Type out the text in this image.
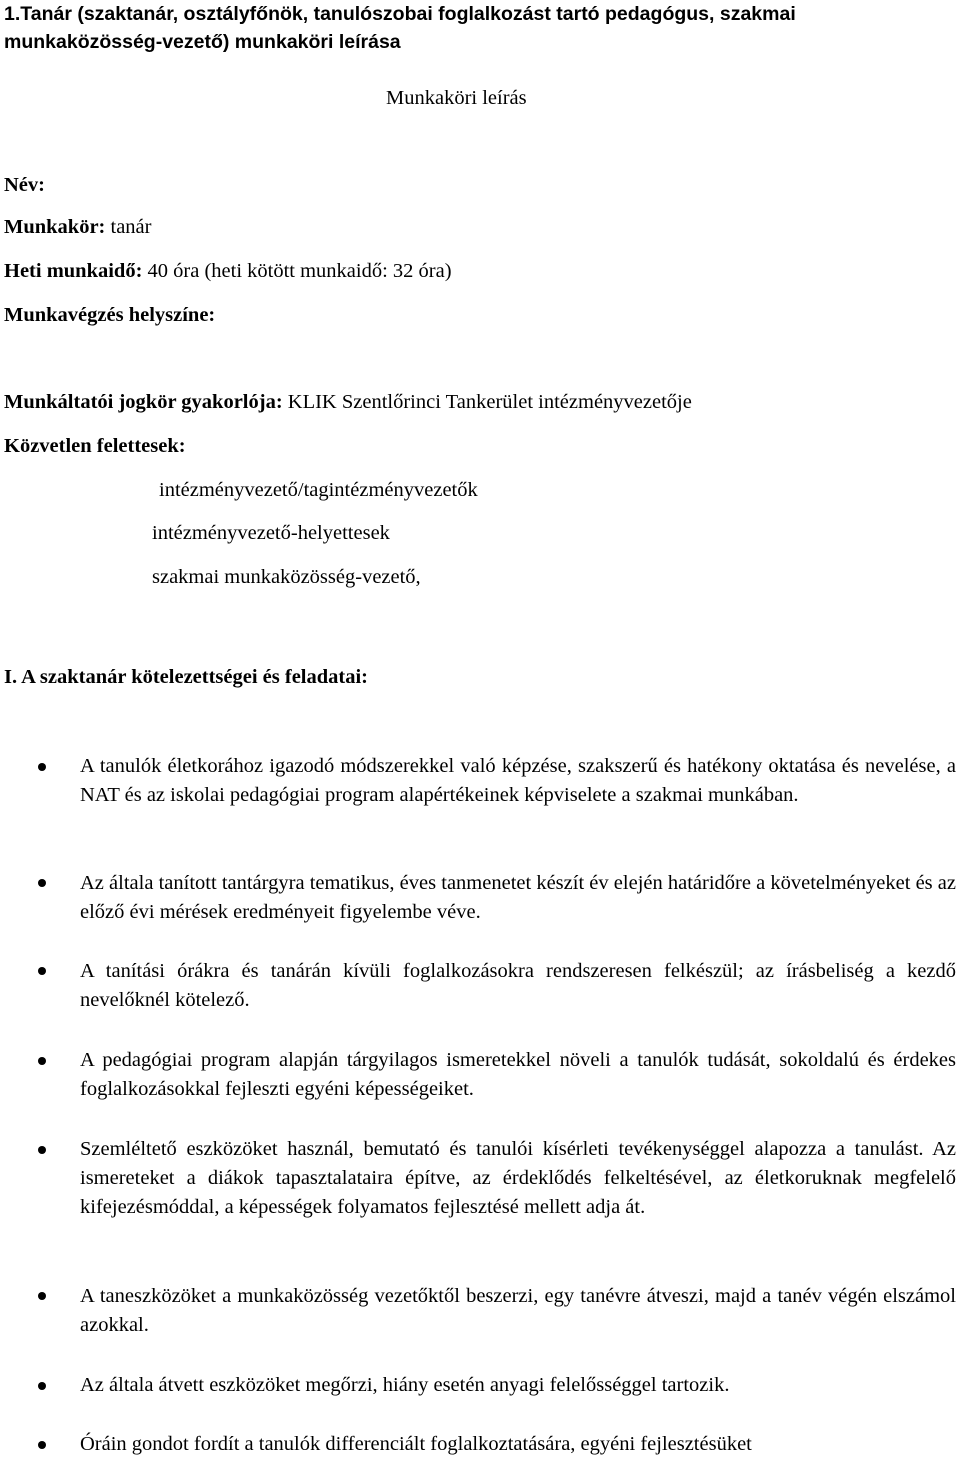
1.Tanár (szaktanár, osztályfőnök, tanulószobai foglalkozást tartó pedagógus, szakmai munkaközösség-vezető) munkaköri leírása
Munkaköri leírás
Név:
Munkakör: tanár
Heti munkaidő: 40 óra (heti kötött munkaidő: 32 óra)
Munkavégzés helyszíne:
Munkáltatói jogkör gyakorlója: KLIK Szentlőrinci Tankerület intézményvezetője
Közvetlen felettesek:
intézményvezető/tagintézményvezetők
intézményvezető-helyettesek
szakmai munkaközösség-vezető,
I. A szaktanár kötelezettségei és feladatai:
A tanulók életkorához igazodó módszerekkel való képzése, szakszerű és hatékony oktatása és nevelése, a NAT és az iskolai pedagógiai program alapértékeinek képviselete a szakmai munkában.
Az általa tanított tantárgyra tematikus, éves tanmenetet készít év elején határidőre a követelményeket és az előző évi mérések eredményeit figyelembe véve.
A tanítási órákra és tanárán kívüli foglalkozásokra rendszeresen felkészül; az írásbeliség a kezdő nevelőknél kötelező.
A pedagógiai program alapján tárgyilagos ismeretekkel növeli a tanulók tudását, sokoldalú és érdekes foglalkozásokkal fejleszti egyéni képességeiket.
Szemléltető eszközöket használ, bemutató és tanulói kísérleti tevékenységgel alapozza a tanulást. Az ismereteket a diákok tapasztalataira építve, az érdeklődés felkeltésével, az életkoruknak megfelelő kifejezésmóddal, a képességek folyamatos fejlesztésé mellett adja át.
A taneszközöket a munkaközösség vezetőktől beszerzi, egy tanévre átveszi, majd a tanév végén elszámol azokkal.
Az általa átvett eszközöket megőrzi, hiány esetén anyagi felelősséggel tartozik.
Óráin gondot fordít a tanulók differenciált foglalkoztatására, egyéni fejlesztésüket
